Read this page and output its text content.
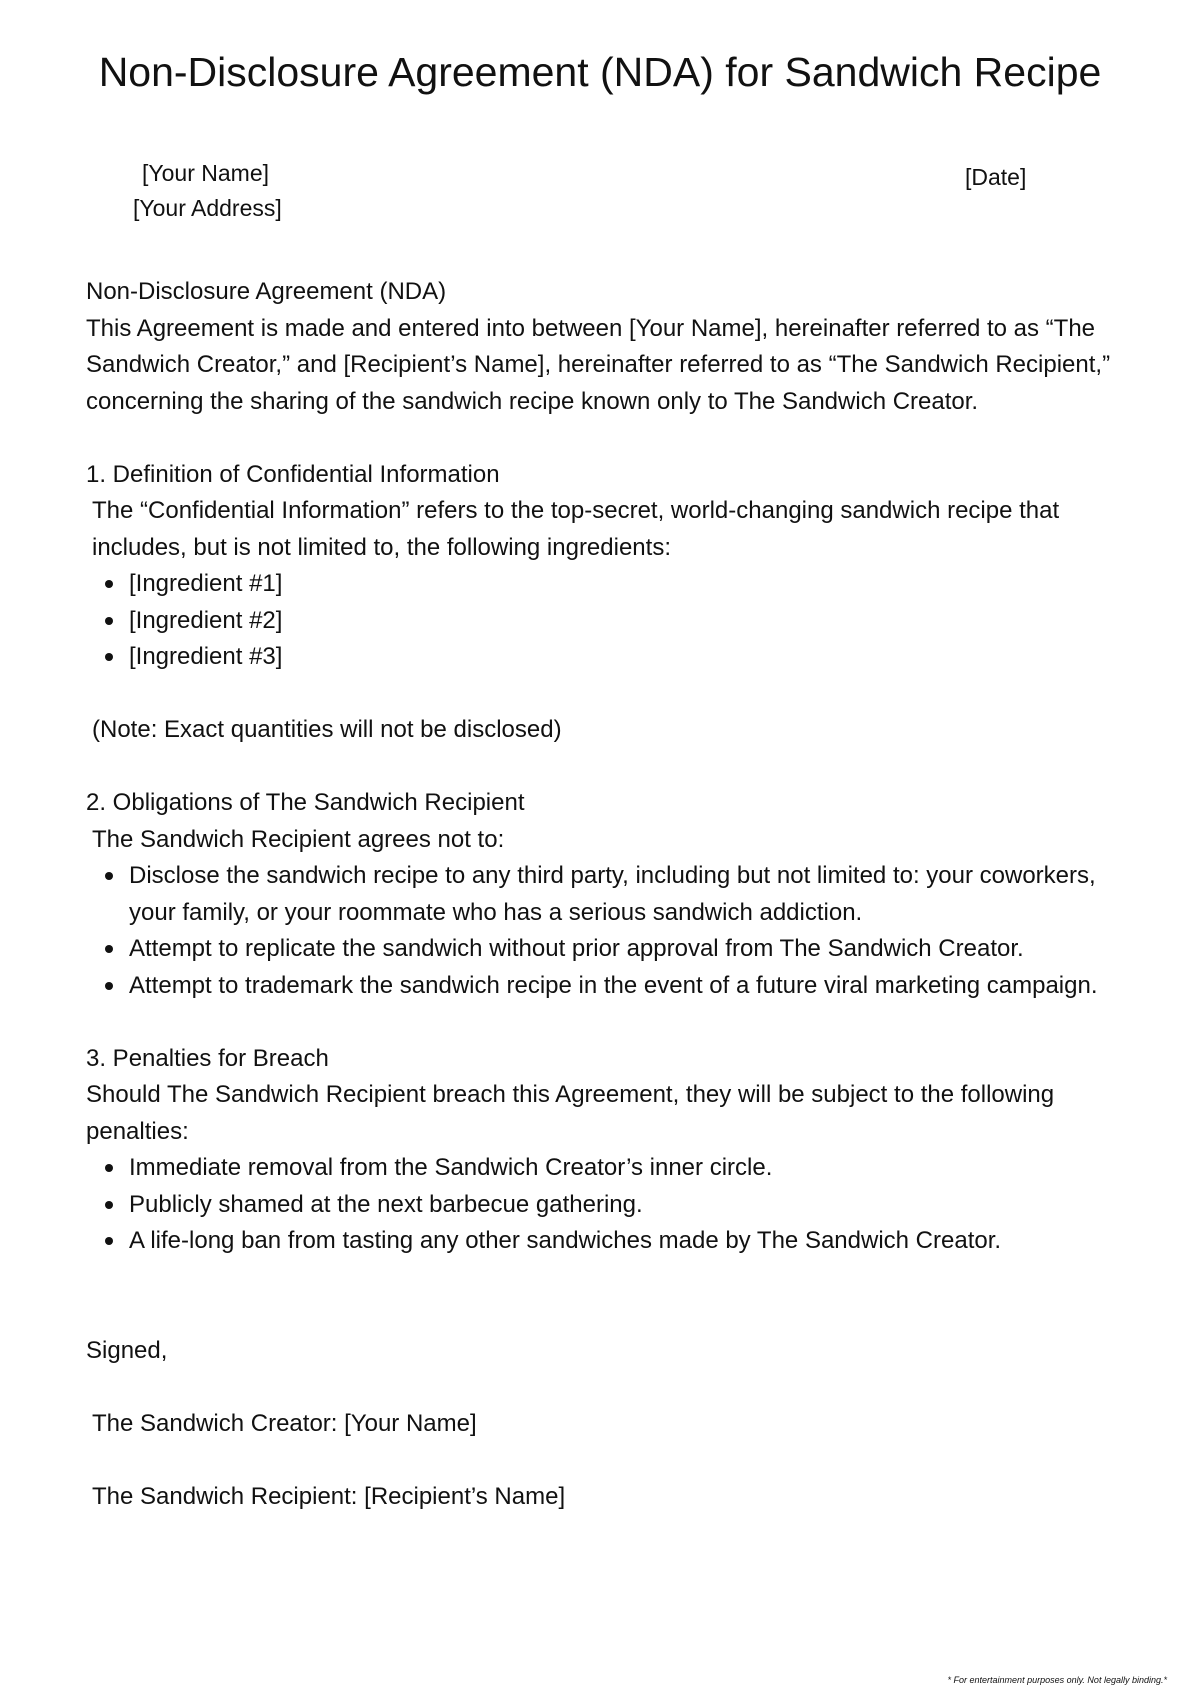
Non-Disclosure Agreement (NDA) for Sandwich Recipe
[Your Name]
[Your Address]
[Date]

Non-Disclosure Agreement (NDA)

This Agreement is made and entered into between [Your Name], hereinafter referred to as “The Sandwich Creator,” and [Recipient’s Name], hereinafter referred to as “The Sandwich Recipient,” concerning the sharing of the sandwich recipe known only to The Sandwich Creator.

1. Definition of Confidential Information

The “Confidential Information” refers to the top-secret, world-changing sandwich recipe that includes, but is not limited to, the following ingredients:

[Ingredient #1]
[Ingredient #2]
[Ingredient #3]

(Note: Exact quantities will not be disclosed)

2. Obligations of The Sandwich Recipient

The Sandwich Recipient agrees not to:

Disclose the sandwich recipe to any third party, including but not limited to: your coworkers, your family, or your roommate who has a serious sandwich addiction.
Attempt to replicate the sandwich without prior approval from The Sandwich Creator.
Attempt to trademark the sandwich recipe in the event of a future viral marketing campaign.

3. Penalties for Breach

Should The Sandwich Recipient breach this Agreement, they will be subject to the following penalties:

Immediate removal from the Sandwich Creator’s inner circle.
Publicly shamed at the next barbecue gathering.
A life-long ban from tasting any other sandwiches made by The Sandwich Creator.

Signed,

The Sandwich Creator: [Your Name]

The Sandwich Recipient: [Recipient’s Name]

* For entertainment purposes only. Not legally binding.*
